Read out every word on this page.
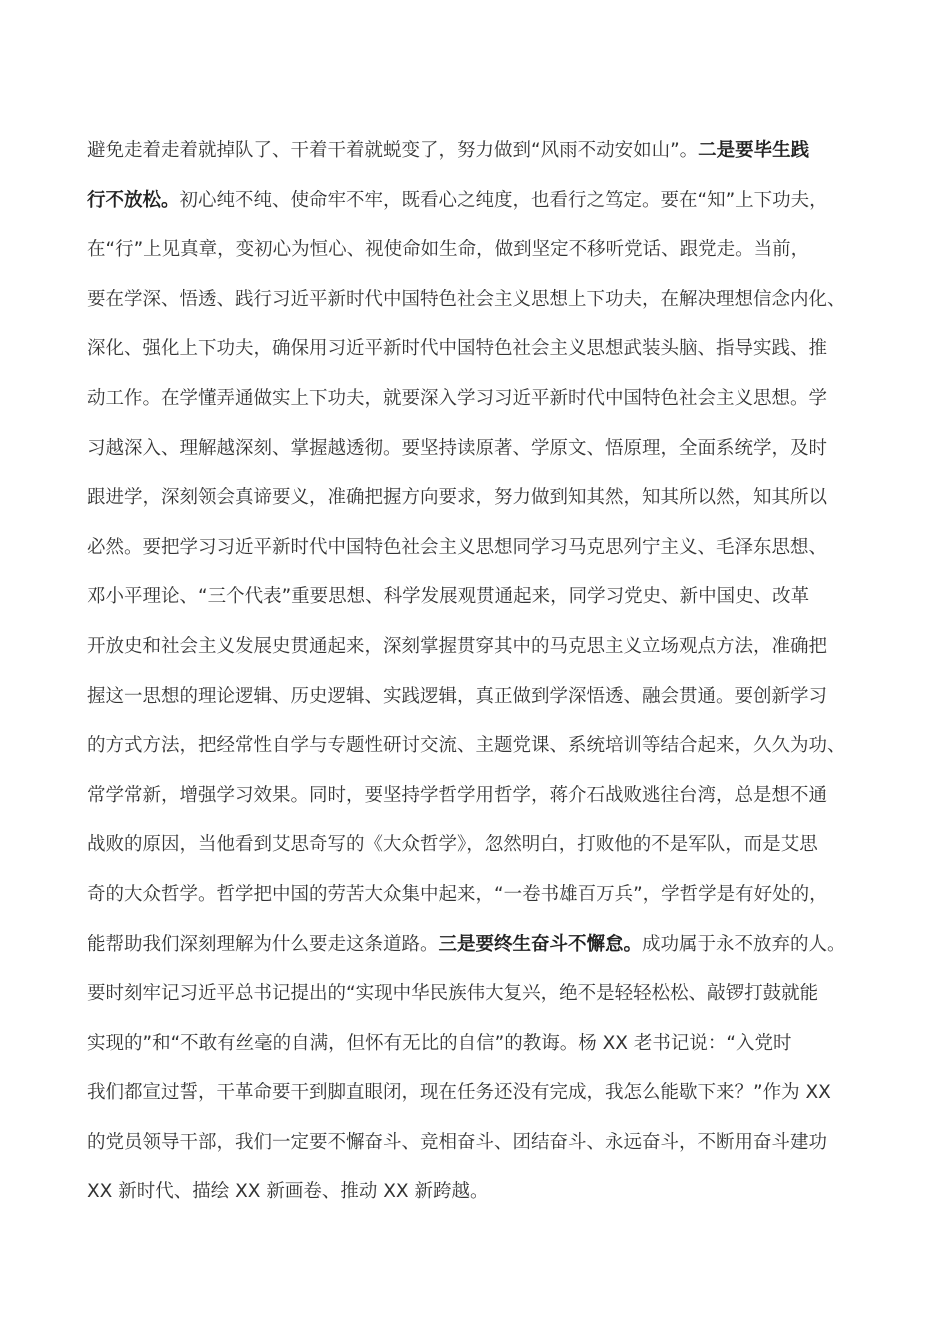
避免走着走着就掉队了、干着干着就蜕变了，努力做到“风雨不动安如山”。二是要毕生践
行不放松。初心纯不纯、使命牢不牢，既看心之纯度，也看行之笃定。要在“知”上下功夫，
在“行”上见真章，变初心为恒心、视使命如生命，做到坚定不移听党话、跟党走。当前，
要在学深、悟透、践行习近平新时代中国特色社会主义思想上下功夫，在解决理想信念内化、
深化、强化上下功夫，确保用习近平新时代中国特色社会主义思想武装头脑、指导实践、推
动工作。在学懂弄通做实上下功夫，就要深入学习习近平新时代中国特色社会主义思想。学
习越深入、理解越深刻、掌握越透彻。要坚持读原著、学原文、悟原理，全面系统学，及时
跟进学，深刻领会真谛要义，准确把握方向要求，努力做到知其然，知其所以然，知其所以
必然。要把学习习近平新时代中国特色社会主义思想同学习马克思列宁主义、毛泽东思想、
邓小平理论、“三个代表”重要思想、科学发展观贯通起来，同学习党史、新中国史、改革
开放史和社会主义发展史贯通起来，深刻掌握贯穿其中的马克思主义立场观点方法，准确把
握这一思想的理论逻辑、历史逻辑、实践逻辑，真正做到学深悟透、融会贯通。要创新学习
的方式方法，把经常性自学与专题性研讨交流、主题党课、系统培训等结合起来，久久为功、
常学常新，增强学习效果。同时，要坚持学哲学用哲学，蒋介石战败逃往台湾，总是想不通
战败的原因，当他看到艾思奇写的《大众哲学》，忽然明白，打败他的不是军队，而是艾思
奇的大众哲学。哲学把中国的劳苦大众集中起来，“一卷书雄百万兵”，学哲学是有好处的，
能帮助我们深刻理解为什么要走这条道路。三是要终生奋斗不懈怠。成功属于永不放弃的人。
要时刻牢记习近平总书记提出的“实现中华民族伟大复兴，绝不是轻轻松松、敲锣打鼓就能
实现的”和“不敢有丝毫的自满，但怀有无比的自信”的教诲。杨 XX 老书记说：“入党时
我们都宣过誓，干革命要干到脚直眼闭，现在任务还没有完成，我怎么能歇下来？”作为 XX
的党员领导干部，我们一定要不懈奋斗、竞相奋斗、团结奋斗、永远奋斗，不断用奋斗建功
XX 新时代、描绘 XX 新画卷、推动 XX 新跨越。
